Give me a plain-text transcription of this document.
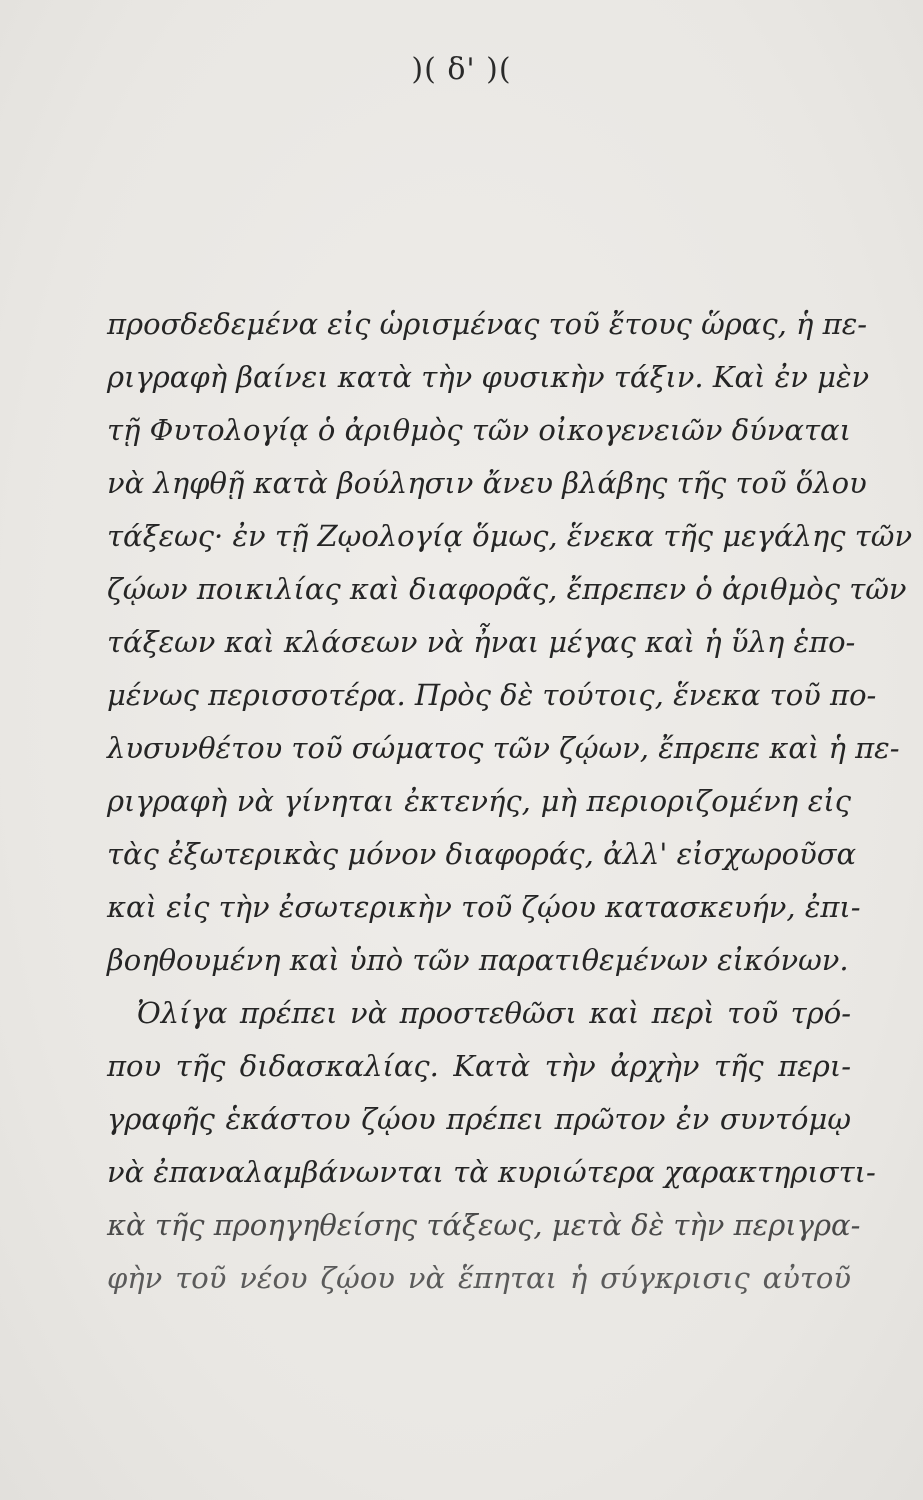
)( δ' )(
προσδεδεμένα εἰς ὡρισμένας τοῦ ἔτους ὥρας, ἡ πε-
ριγραφὴ βαίνει κατὰ τὴν φυσικὴν τάξιν. Καὶ ἐν μὲν
τῇ Φυτολογίᾳ ὁ ἀριθμὸς τῶν οἰκογενειῶν δύναται
νὰ ληφθῇ κατὰ βούλησιν ἄνευ βλάβης τῆς τοῦ ὅλου
τάξεως· ἐν τῇ Ζῳολογίᾳ ὅμως, ἕνεκα τῆς μεγάλης τῶν
ζῴων ποικιλίας καὶ διαφορᾶς, ἔπρεπεν ὁ ἀριθμὸς τῶν
τάξεων καὶ κλάσεων νὰ ἦναι μέγας καὶ ἡ ὕλη ἑπο-
μένως περισσοτέρα. Πρὸς δὲ τούτοις, ἕνεκα τοῦ πο-
λυσυνθέτου τοῦ σώματος τῶν ζῴων, ἔπρεπε καὶ ἡ πε-
ριγραφὴ νὰ γίνηται ἐκτενής, μὴ περιοριζομένη εἰς
τὰς ἐξωτερικὰς μόνον διαφοράς, ἀλλ' εἰσχωροῦσα
καὶ εἰς τὴν ἐσωτερικὴν τοῦ ζῴου κατασκευήν, ἐπι-
βοηθουμένη καὶ ὑπὸ τῶν παρατιθεμένων εἰκόνων.
Ὀλίγα πρέπει νὰ προστεθῶσι καὶ περὶ τοῦ τρό-
που τῆς διδασκαλίας. Κατὰ τὴν ἀρχὴν τῆς περι-
γραφῆς ἑκάστου ζῴου πρέπει πρῶτον ἐν συντόμῳ
νὰ ἐπαναλαμβάνωνται τὰ κυριώτερα χαρακτηριστι-
κὰ τῆς προηγηθείσης τάξεως, μετὰ δὲ τὴν περιγρα-
φὴν τοῦ νέου ζῴου νὰ ἕπηται ἡ σύγκρισις αὐτοῦ
